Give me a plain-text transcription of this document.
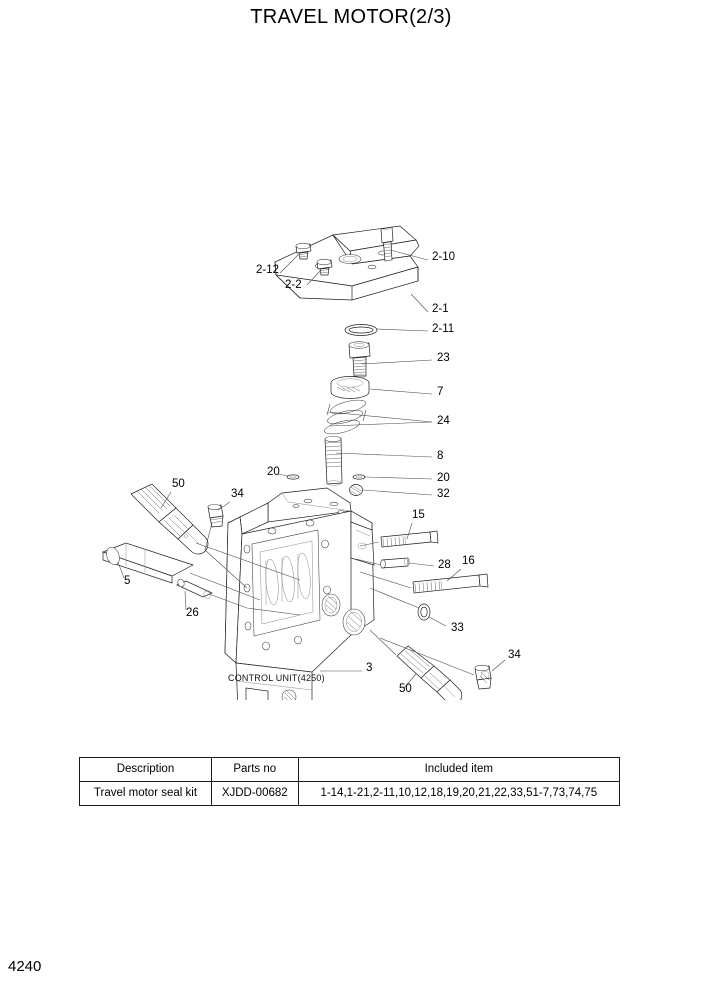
TRAVEL MOTOR(2/3)
2-12
2-2
2-10
2-1
2-11
23
7
24
8
20	20
32
50
34
15
5
26
28 16
33
34
3
50
CONTROL UNIT(4250)
Description	Parts no	Included item
Travel motor seal kit	XJDD-00682	1-14,1-21,2-11,10,12,18,19,20,21,22,33,51-7,73,74,75
4240
